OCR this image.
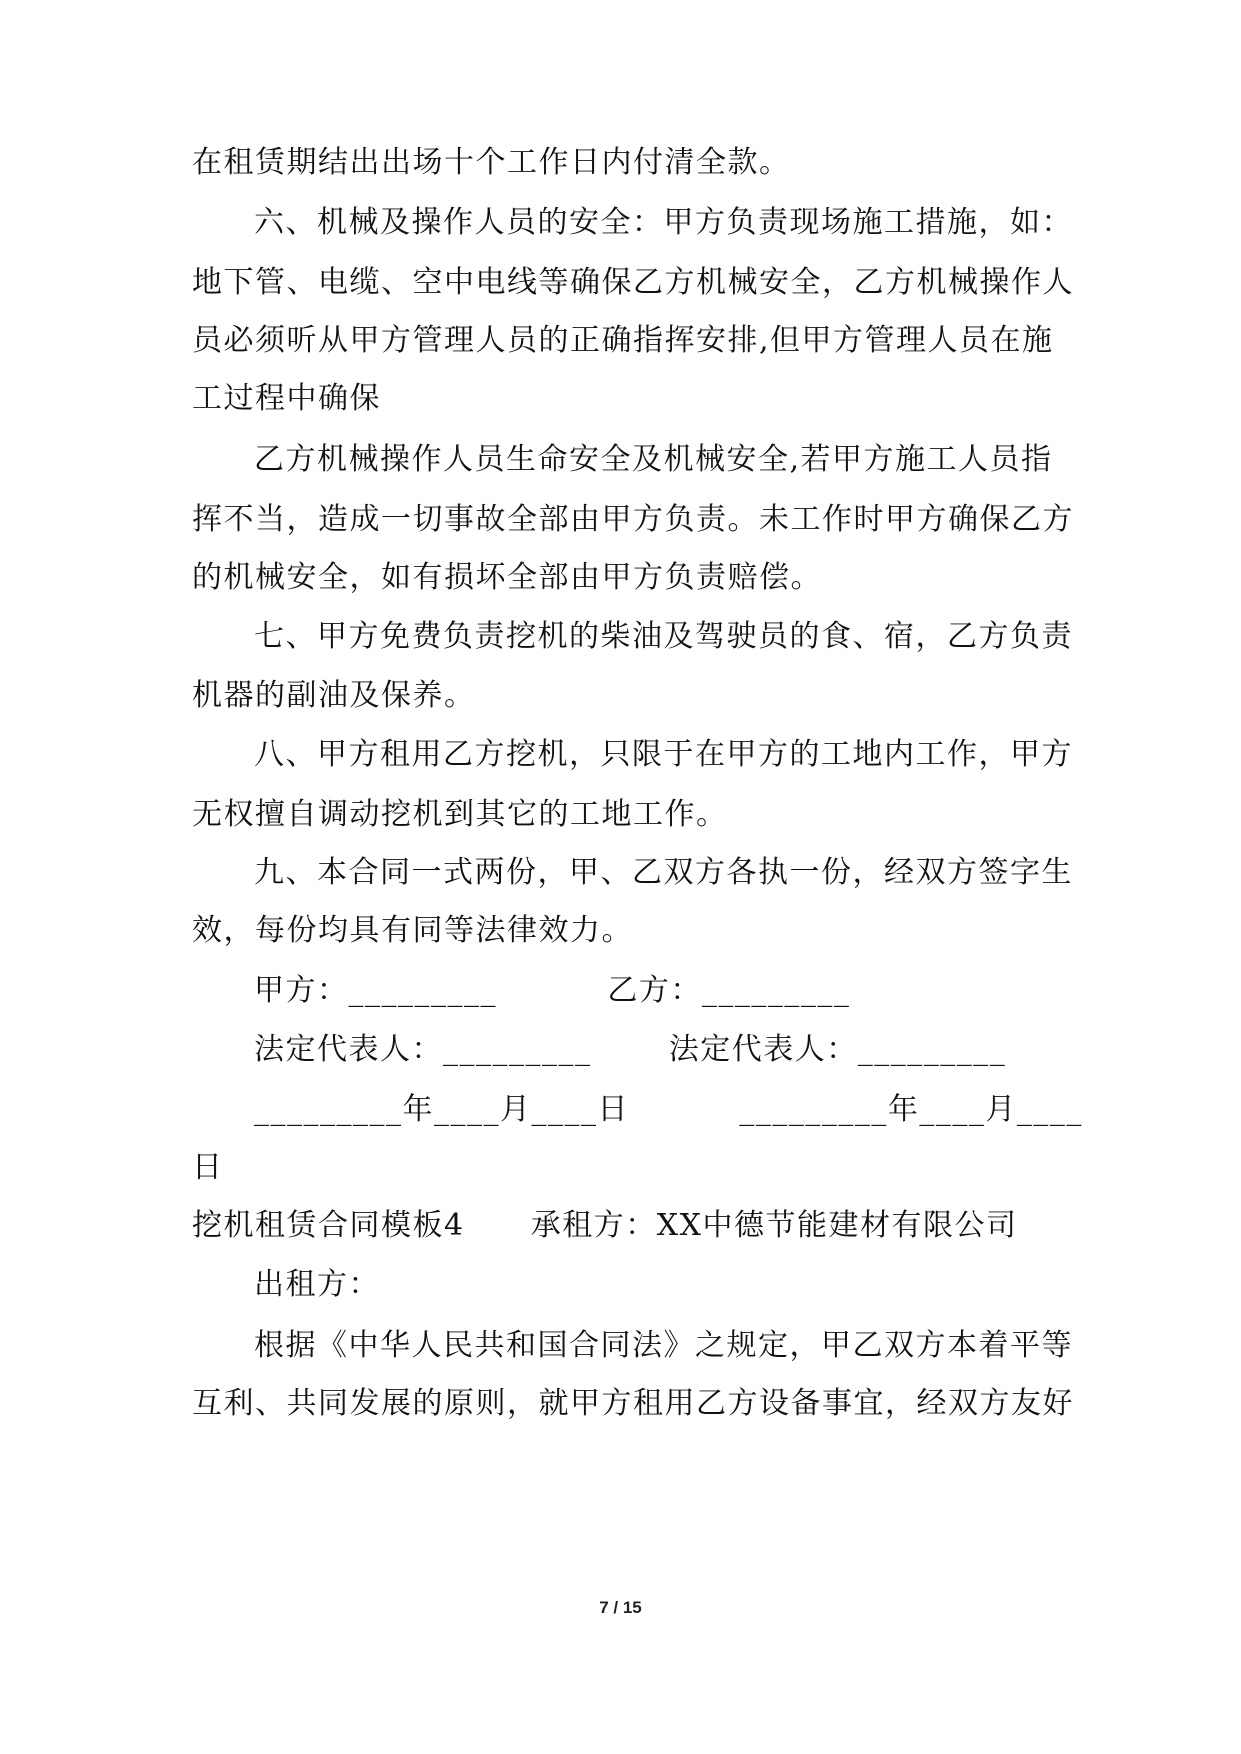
在租赁期结出出场十个工作日内付清全款。
六、机械及操作人员的安全：甲方负责现场施工措施，如：
地下管、电缆、空中电线等确保乙方机械安全，乙方机械操作人
员必须听从甲方管理人员的正确指挥安排,但甲方管理人员在施
工过程中确保
乙方机械操作人员生命安全及机械安全,若甲方施工人员指
挥不当，造成一切事故全部由甲方负责。未工作时甲方确保乙方
的机械安全，如有损坏全部由甲方负责赔偿。
七、甲方免费负责挖机的柴油及驾驶员的食、宿，乙方负责
机器的副油及保养。
八、甲方租用乙方挖机，只限于在甲方的工地内工作，甲方
无权擅自调动挖机到其它的工地工作。
九、本合同一式两份，甲、乙双方各执一份，经双方签字生
效，每份均具有同等法律效力。
甲方：_________          乙方：_________
法定代表人：_________       法定代表人：_________
_________年____月____日          _________年____月____
日
挖机租赁合同模板4      承租方：XX中德节能建材有限公司
出租方：
根据《中华人民共和国合同法》之规定，甲乙双方本着平等
互利、共同发展的原则，就甲方租用乙方设备事宜，经双方友好
7 / 15
